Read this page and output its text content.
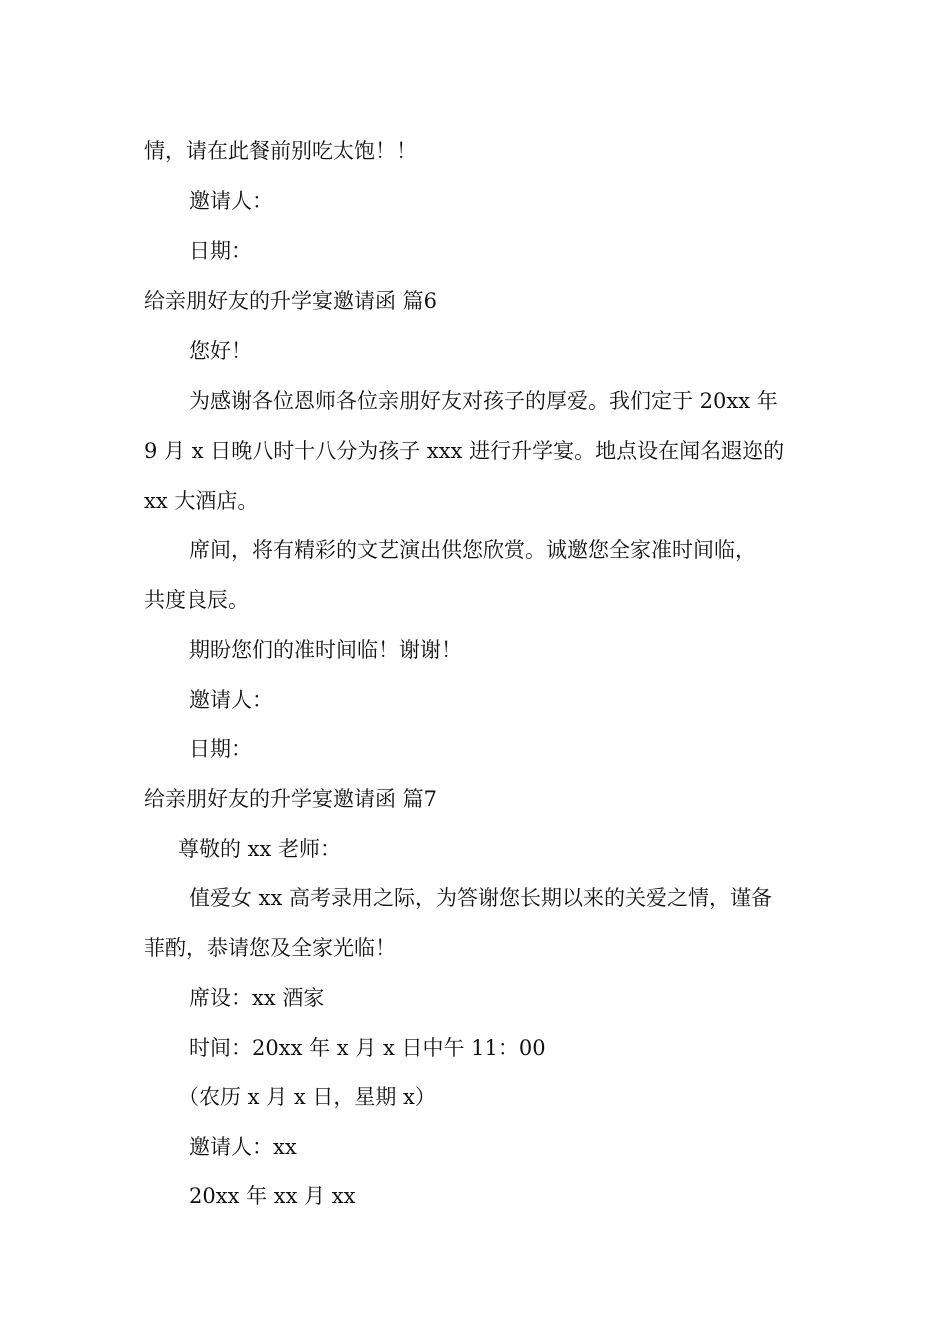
情，请在此餐前别吃太饱！！
邀请人：
日期：
给亲朋好友的升学宴邀请函 篇6
您好！
为感谢各位恩师各位亲朋好友对孩子的厚爱。我们定于 20xx 年
9 月 x 日晚八时十八分为孩子 xxx 进行升学宴。地点设在闻名遐迩的
xx 大酒店。
席间，将有精彩的文艺演出供您欣赏。诚邀您全家准时间临，
共度良辰。
期盼您们的准时间临！谢谢！
邀请人：
日期：
给亲朋好友的升学宴邀请函 篇7
尊敬的 xx 老师：
值爱女 xx 高考录用之际，为答谢您长期以来的关爱之情，谨备
菲酌，恭请您及全家光临！
席设：xx 酒家
时间：20xx 年 x 月 x 日中午 11：00
（农历 x 月 x 日，星期 x）
邀请人：xx
20xx 年 xx 月 xx
